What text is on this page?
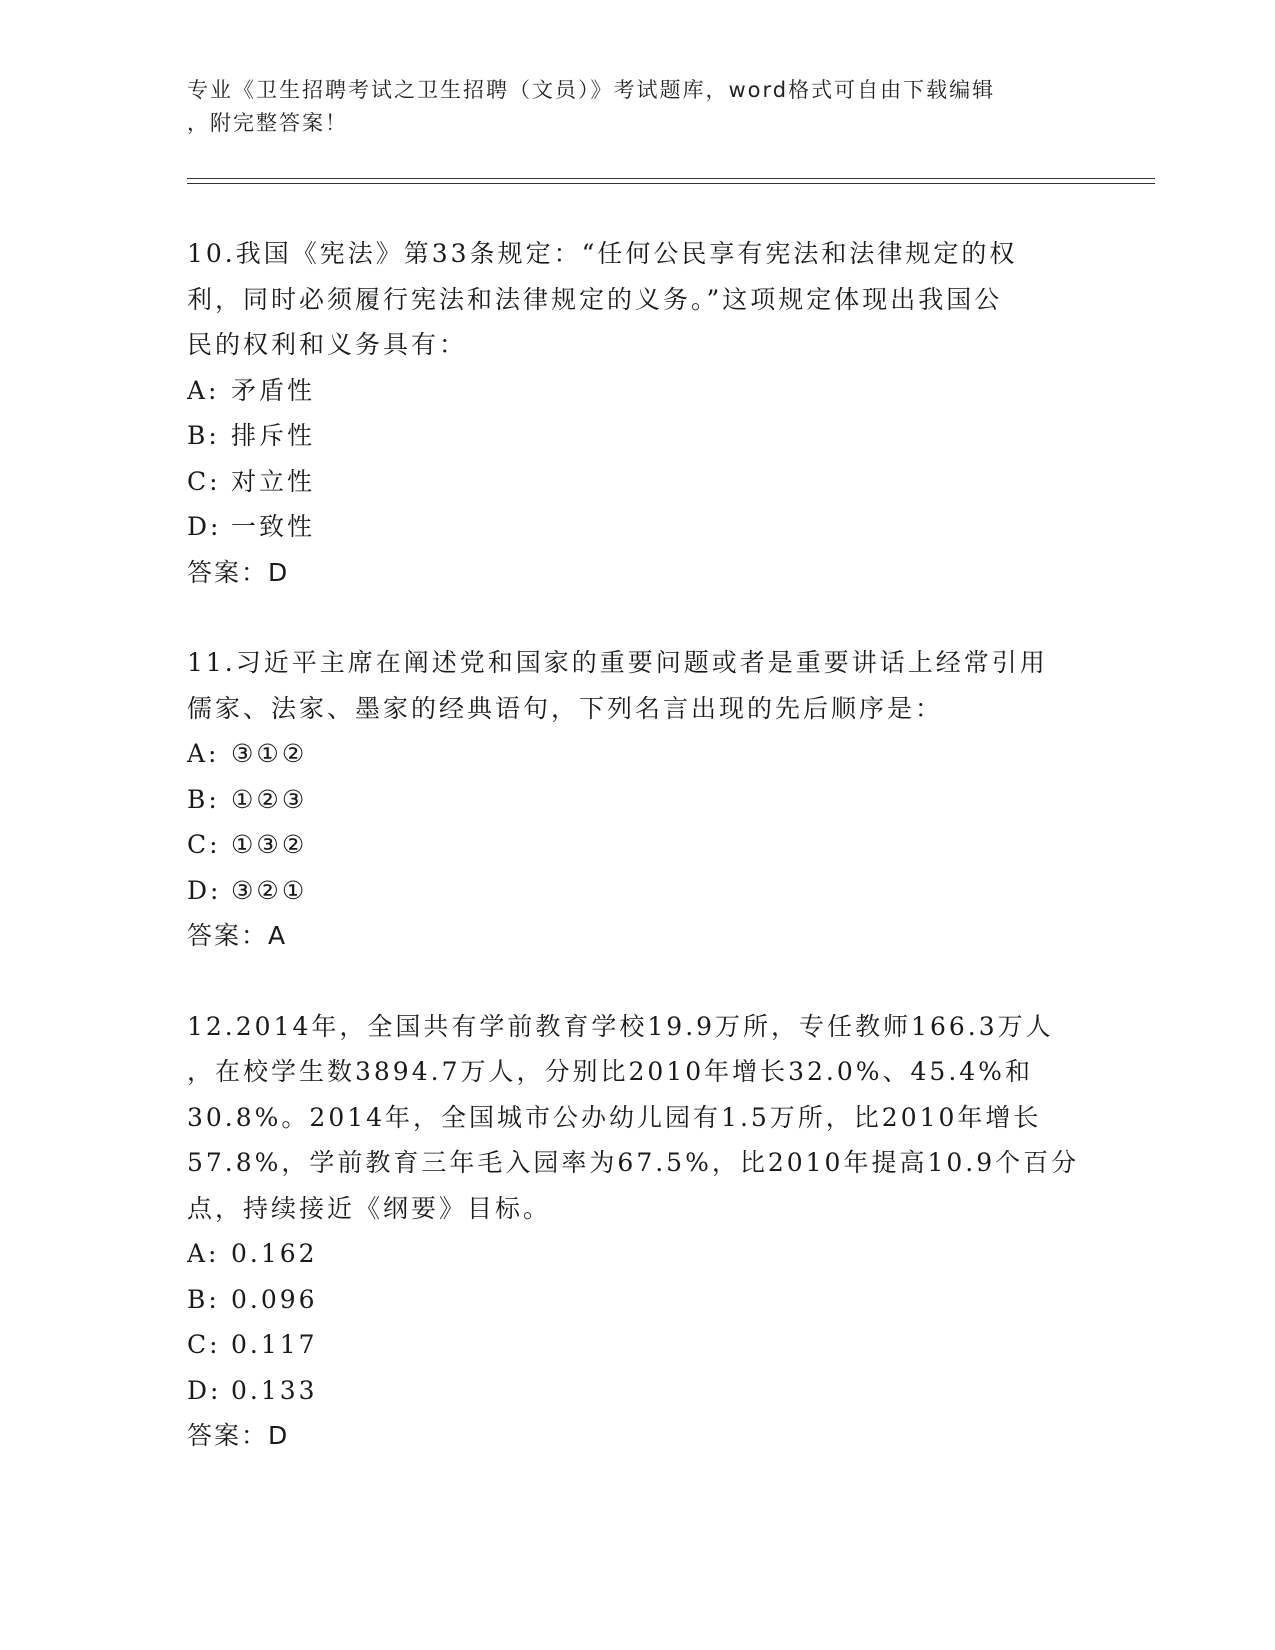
专业《卫生招聘考试之卫生招聘（文员）》考试题库，word格式可自由下载编辑
，附完整答案！
10.我国《宪法》第33条规定：“任何公民享有宪法和法律规定的权
利，同时必须履行宪法和法律规定的义务。”这项规定体现出我国公
民的权利和义务具有：
A: 矛盾性
B: 排斥性
C: 对立性
D: 一致性
答案：D
11.习近平主席在阐述党和国家的重要问题或者是重要讲话上经常引用
儒家、法家、墨家的经典语句，下列名言出现的先后顺序是：
A: ③①②
B: ①②③
C: ①③②
D: ③②①
答案：A
12.2014年，全国共有学前教育学校19.9万所，专任教师166.3万人
，在校学生数3894.7万人，分别比2010年增长32.0%、45.4%和
30.8%。2014年，全国城市公办幼儿园有1.5万所，比2010年增长
57.8%，学前教育三年毛入园率为67.5%，比2010年提高10.9个百分
点，持续接近《纲要》目标。
A: 0.162
B: 0.096
C: 0.117
D: 0.133
答案：D
